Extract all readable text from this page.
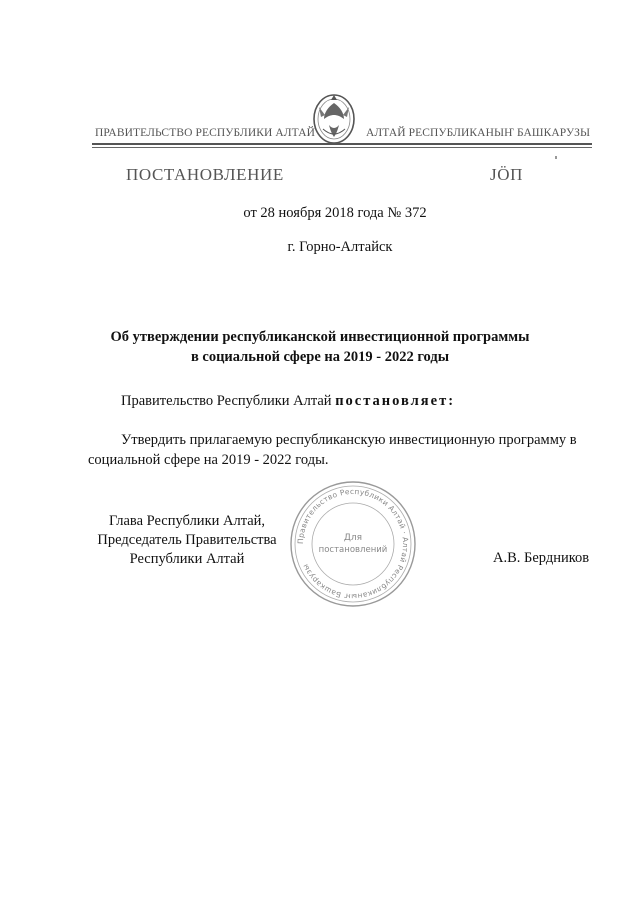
ПРАВИТЕЛЬСТВО РЕСПУБЛИКИ АЛТАЙ	АЛТАЙ РЕСПУБЛИКАНЫҤ БАШКАРУЗЫ
ПОСТАНОВЛЕНИЕ	ЈӦП
от 28 ноября 2018 года № 372
г. Горно-Алтайск
Об утверждении республиканской инвестиционной программы
в социальной сфере на 2019 - 2022 годы
Правительство Республики Алтай постановляет:
Утвердить прилагаемую республиканскую инвестиционную программу в социальной сфере на 2019 - 2022 годы.
Глава Республики Алтай,
Председатель Правительства
Республики Алтай	А.В. Бердников
Правительство Республики Алтай · Алтай Республиканыҥ Башкарузы
Для
постановлений
